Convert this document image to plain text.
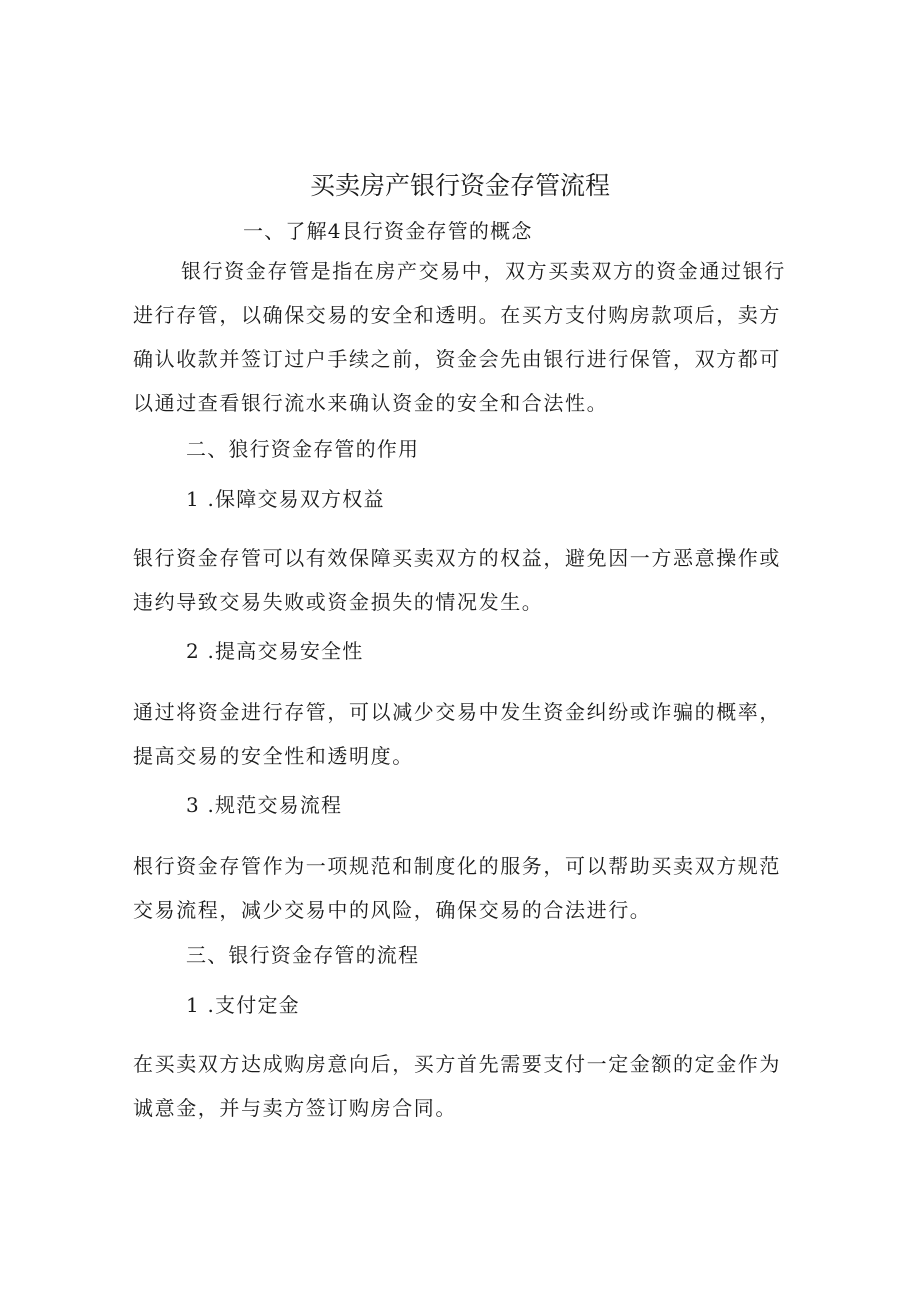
买卖房产银行资金存管流程
一、了解4艮行资金存管的概念
银行资金存管是指在房产交易中，双方买卖双方的资金通过银行进行存管，以确保交易的安全和透明。在买方支付购房款项后，卖方确认收款并签订过户手续之前，资金会先由银行进行保管，双方都可以通过查看银行流水来确认资金的安全和合法性。
二、狼行资金存管的作用
1 .保障交易双方权益
银行资金存管可以有效保障买卖双方的权益，避免因一方恶意操作或违约导致交易失败或资金损失的情况发生。
2 .提高交易安全性
通过将资金进行存管，可以减少交易中发生资金纠纷或诈骗的概率，提高交易的安全性和透明度。
3 .规范交易流程
根行资金存管作为一项规范和制度化的服务，可以帮助买卖双方规范交易流程，减少交易中的风险，确保交易的合法进行。
三、银行资金存管的流程
1 .支付定金
在买卖双方达成购房意向后，买方首先需要支付一定金额的定金作为诚意金，并与卖方签订购房合同。
